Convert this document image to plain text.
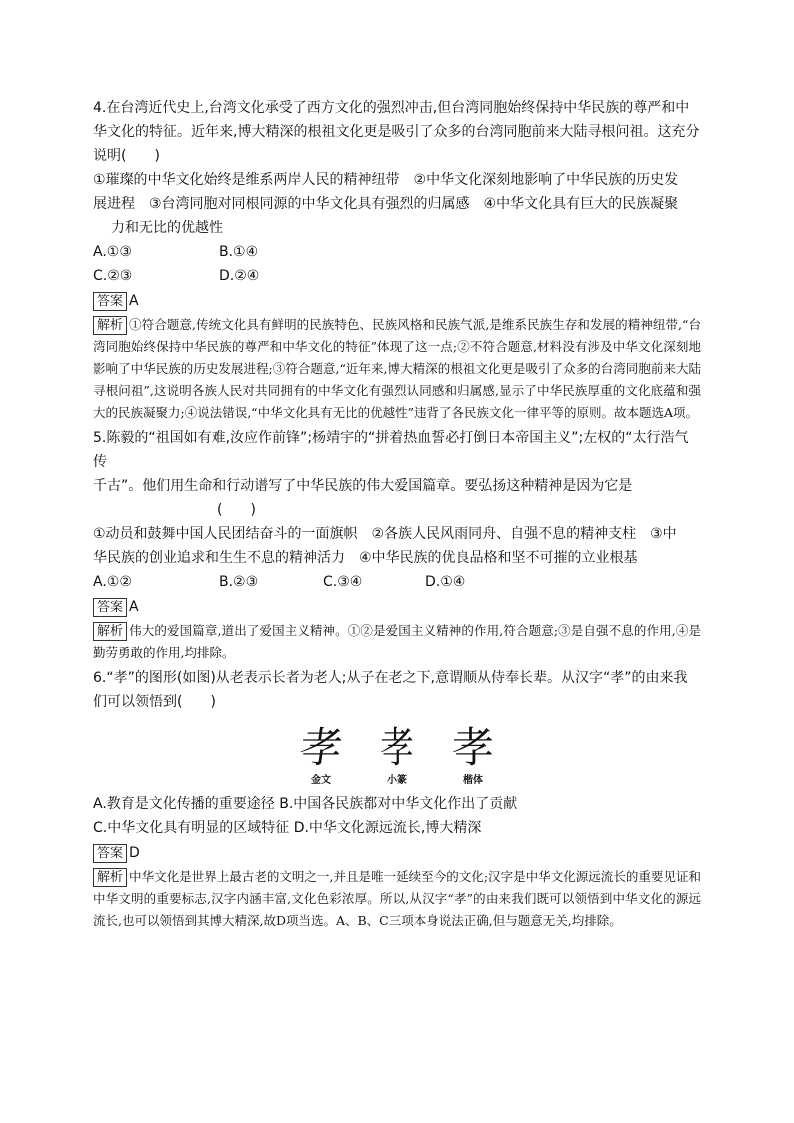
4.在台湾近代史上,台湾文化承受了西方文化的强烈冲击,但台湾同胞始终保持中华民族的尊严和中华文化的特征。近年来,博大精深的根祖文化更是吸引了众多的台湾同胞前来大陆寻根问祖。这充分说明(　　)

①璀璨的中华文化始终是维系两岸人民的精神纽带　②中华文化深刻地影响了中华民族的历史发
展进程　③台湾同胞对同根同源的中华文化具有强烈的归属感　④中华文化具有巨大的民族凝聚
力和无比的优越性
A.①③	B.①④
C.②③	D.②④
答案 A
解析 ①符合题意,传统文化具有鲜明的民族特色、民族风格和民族气派,是维系民族生存和发展的精神纽带,“台湾同胞始终保持中华民族的尊严和中华文化的特征”体现了这一点;②不符合题意,材料没有涉及中华文化深刻地影响了中华民族的历史发展进程;③符合题意,“近年来,博大精深的根祖文化更是吸引了众多的台湾同胞前来大陆寻根问祖”,这说明各族人民对共同拥有的中华文化有强烈认同感和归属感,显示了中华民族厚重的文化底蕴和强大的民族凝聚力;④说法错误,“中华文化具有无比的优越性”违背了各民族文化一律平等的原则。故本题选A项。
5.陈毅的“祖国如有难,汝应作前锋”;杨靖宇的“拼着热血誓必打倒日本帝国主义”;左权的“太行浩气传
千古”。他们用生命和行动谱写了中华民族的伟大爱国篇章。要弘扬这种精神是因为它是
(　　)
①动员和鼓舞中国人民团结奋斗的一面旗帜　②各族人民风雨同舟、自强不息的精神支柱　③中
华民族的创业追求和生生不息的精神活力　④中华民族的优良品格和坚不可摧的立业根基
A.①②	B.②③	C.③④	D.①④
答案 A
解析 伟大的爱国篇章,道出了爱国主义精神。①②是爱国主义精神的作用,符合题意;③是自强不息的作用,④是勤劳勇敢的作用,均排除。

6.“孝”的图形(如图)从老表示长者为老人;从子在老之下,意谓顺从侍奉长辈。从汉字“孝”的由来我们可以领悟到(　　)

孝
金文
孝
小篆
孝
楷体
A.教育是文化传播的重要途径 B.中国各民族都对中华文化作出了贡献 C.中华文化具有明显的区域特征 D.中华文化源远流长,博大精深
答案 D
解析 中华文化是世界上最古老的文明之一,并且是唯一延续至今的文化;汉字是中华文化源远流长的重要见证和中华文明的重要标志,汉字内涵丰富,文化色彩浓厚。所以,从汉字“孝”的由来我们既可以领悟到中华文化的源远流长,也可以领悟到其博大精深,故D项当选。A、B、C三项本身说法正确,但与题意无关,均排除。
